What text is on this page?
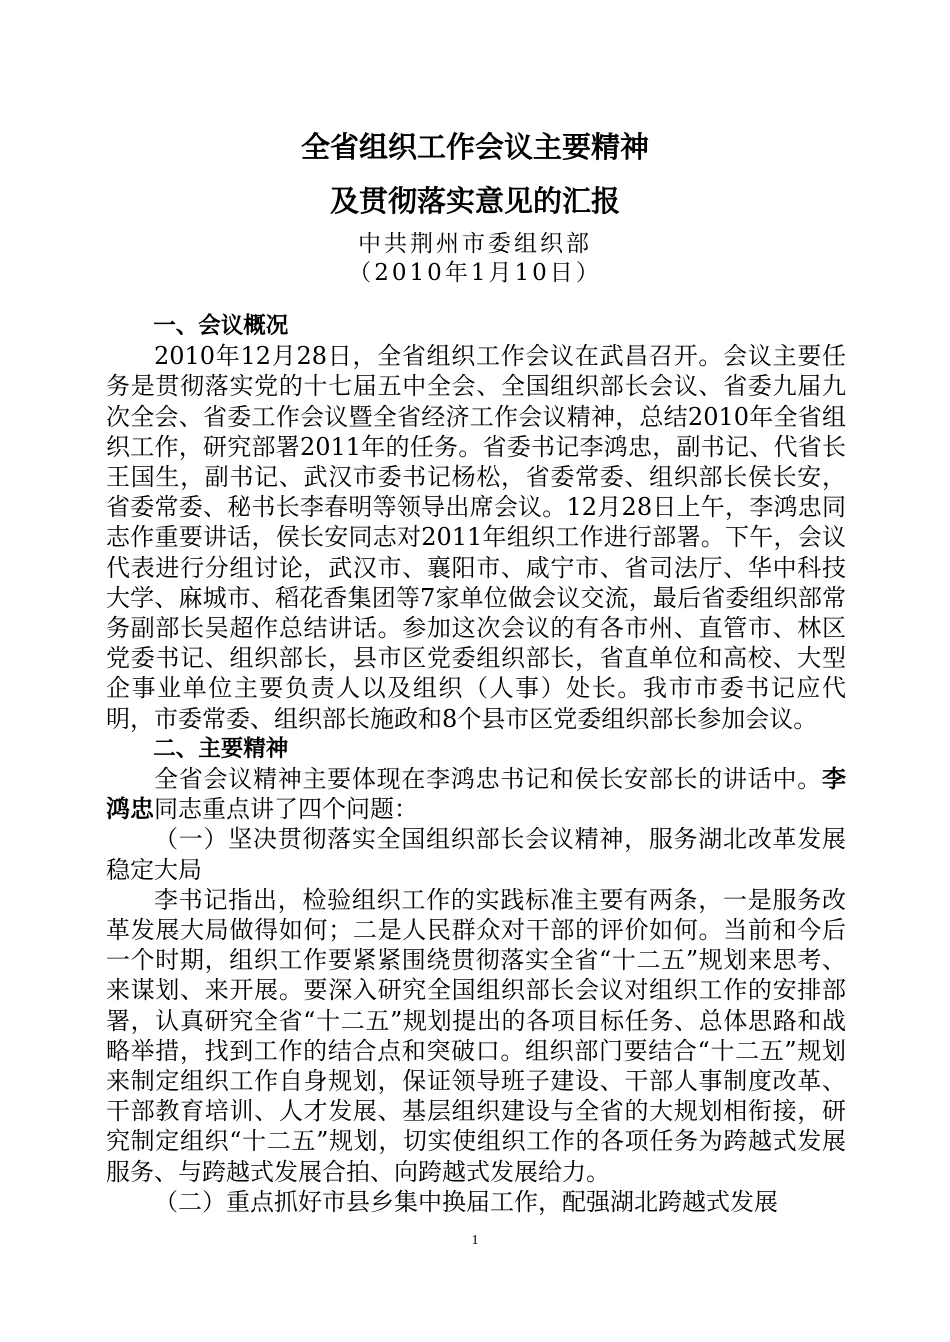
全省组织工作会议主要精神
及贯彻落实意见的汇报
中共荆州市委组织部
（2010年1月10日）
一、会议概况

2010年12月28日，全省组织工作会议在武昌召开。会议主要任务是贯彻落实党的十七届五中全会、全国组织部长会议、省委九届九次全会、省委工作会议暨全省经济工作会议精神，总结2010年全省组织工作，研究部署2011年的任务。省委书记李鸿忠，副书记、代省长王国生，副书记、武汉市委书记杨松，省委常委、组织部长侯长安，省委常委、秘书长李春明等领导出席会议。12月28日上午，李鸿忠同志作重要讲话，侯长安同志对2011年组织工作进行部署。下午，会议代表进行分组讨论，武汉市、襄阳市、咸宁市、省司法厅、华中科技大学、麻城市、稻花香集团等7家单位做会议交流，最后省委组织部常务副部长吴超作总结讲话。参加这次会议的有各市州、直管市、林区党委书记、组织部长，县市区党委组织部长，省直单位和高校、大型企事业单位主要负责人以及组织（人事）处长。我市市委书记应代明，市委常委、组织部长施政和8个县市区党委组织部长参加会议。

二、主要精神

全省会议精神主要体现在李鸿忠书记和侯长安部长的讲话中。李鸿忠同志重点讲了四个问题：

（一）坚决贯彻落实全国组织部长会议精神，服务湖北改革发展稳定大局

李书记指出，检验组织工作的实践标准主要有两条，一是服务改革发展大局做得如何；二是人民群众对干部的评价如何。当前和今后一个时期，组织工作要紧紧围绕贯彻落实全省“十二五”规划来思考、来谋划、来开展。要深入研究全国组织部长会议对组织工作的安排部署，认真研究全省“十二五”规划提出的各项目标任务、总体思路和战略举措，找到工作的结合点和突破口。组织部门要结合“十二五”规划来制定组织工作自身规划，保证领导班子建设、干部人事制度改革、干部教育培训、人才发展、基层组织建设与全省的大规划相衔接，研究制定组织“十二五”规划，切实使组织工作的各项任务为跨越式发展服务、与跨越式发展合拍、向跨越式发展给力。

（二）重点抓好市县乡集中换届工作，配强湖北跨越式发展

1
